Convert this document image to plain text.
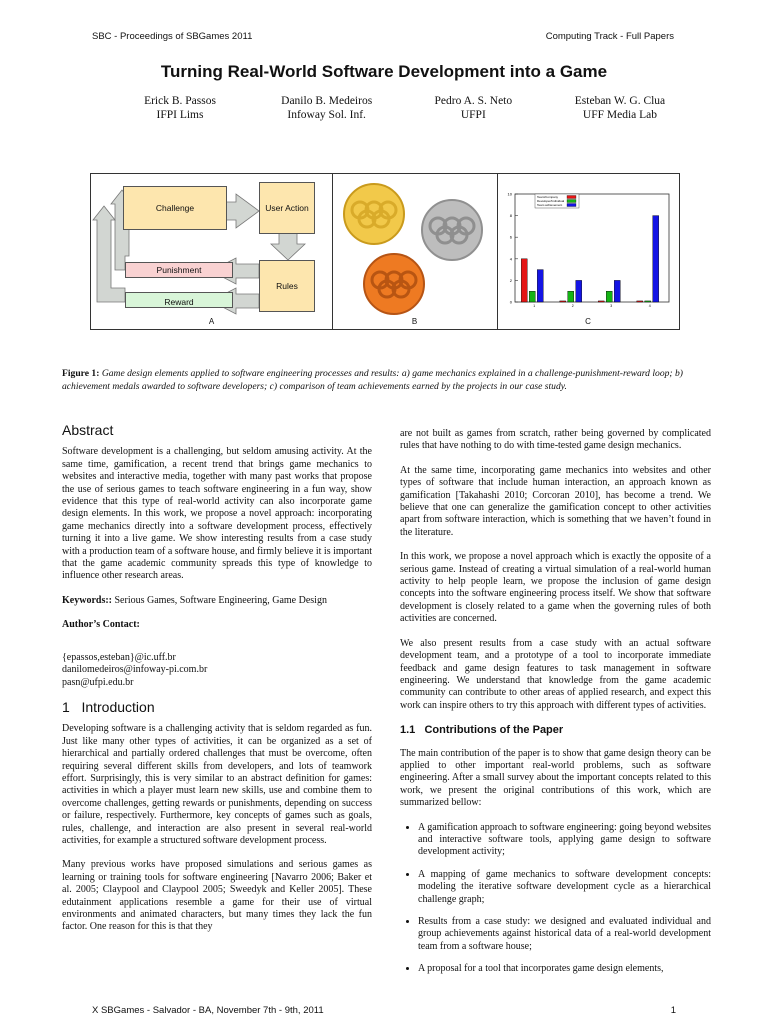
SBC - Proceedings of SBGames 2011	Computing Track - Full Papers
Turning Real-World Software Development into a Game
Erick B. Passos
IFPI Lims
Danilo B. Medeiros
Infoway Sol. Inf.
Pedro A. S. Neto
UFPI
Esteban W. G. Clua
UFF Media Lab
Challenge	User Action
Punishment
Reward
Rules
A	B
0
2
4
6
8
10
1	2	3	4
Team/Company
Developer/Individual
Team achievement
C
Figure 1: Game design elements applied to software engineering processes and results: a) game mechanics explained in a challenge-punishment-reward loop; b) achievement medals awarded to software developers; c) comparison of team achievements earned by the projects in our case study.
Abstract

Software development is a challenging, but seldom amusing activity. At the same time, gamification, a recent trend that brings game mechanics to websites and interactive media, together with many past works that propose the use of serious games to teach software engineering in a fun way, show evidence that this type of real-world activity can also incorporate game design elements. In this work, we propose a novel approach: incorporating game mechanics directly into a software development process, effectively turning it into a live game. We show interesting results from a case study with a production team of a software house, and firmly believe it is important that the game academic community spreads this type of knowledge to influence other research areas.

Keywords:: Serious Games, Software Engineering, Game Design

Author’s Contact:

{epassos,esteban}@ic.uff.br
danilomedeiros@infoway-pi.com.br
pasn@ufpi.edu.br
1   Introduction

Developing software is a challenging activity that is seldom regarded as fun. Just like many other types of activities, it can be organized as a set of hierarchical and partially ordered challenges that must be overcome, often requiring several different skills from developers, and lots of teamwork effort. Surprisingly, this is very similar to an abstract definition for games: activities in which a player must learn new skills, use and combine them to overcome challenges, getting rewards or punishments, depending on success or failure, respectively. Furthermore, key concepts of games such as goals, rules, challenge, and interaction are also present in several real-world activities, for example a structured software development process.

Many previous works have proposed simulations and serious games as learning or training tools for software engineering [Navarro 2006; Baker et al. 2005; Claypool and Claypool 2005; Sweedyk and Keller 2005]. These edutainment applications resemble a game for their use of virtual environments and animated characters, but many times they lack the fun factor. One reason for this is that they

are not built as games from scratch, rather being governed by complicated rules that have nothing to do with time-tested game design mechanics.

At the same time, incorporating game mechanics into websites and other types of software that include human interaction, an approach known as gamification [Takahashi 2010; Corcoran 2010], has become a trend. We believe that one can generalize the gamification concept to other activities apart from software interaction, which is something that we haven’t found in the literature.

In this work, we propose a novel approach which is exactly the opposite of a serious game. Instead of creating a virtual simulation of a real-world human activity to help people learn, we propose the inclusion of game design concepts into the software engineering process itself. We show that software development is closely related to a game when the governing rules of both activities are concerned.

We also present results from a case study with an actual software development team, and a prototype of a tool to incorporate immediate feedback and game design features to task management in software engineering. We understand that knowledge from the game academic community can contribute to other areas of applied research, and expect this work can inspire others to try this approach with different types of activities.

1.1   Contributions of the Paper

The main contribution of the paper is to show that game design theory can be applied to other important real-world problems, such as software engineering. After a small survey about the important concepts related to this work, we present the original contributions of this work, which are summarized bellow:

• A gamification approach to software engineering: going beyond websites and interactive software tools, applying game design to software development activity;
• A mapping of game mechanics to software development concepts: modeling the iterative software development cycle as a hierarchical challenge graph;
• Results from a case study: we designed and evaluated individual and group achievements against historical data of a real-world development team from a software house;
• A proposal for a tool that incorporates game design elements,
X SBGames - Salvador - BA, November 7th - 9th, 2011	1
